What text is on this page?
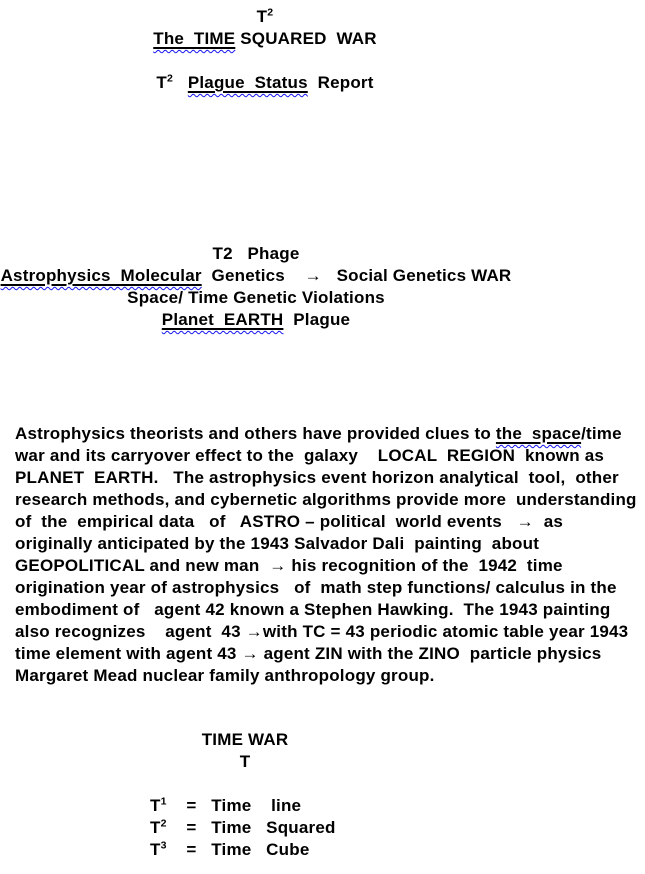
$T^2$
The  TIME SQUARED  WAR
$T^2$ Plague  Status  Report
T2   Phage
Astrophysics  Molecular  Genetics    →   Social Genetics WAR
Space/ Time Genetic Violations
Planet  EARTH  Plague
Astrophysics theorists and others have provided clues to the  space/time
war and its carryover effect to the  galaxy    LOCAL  REGION  known as
PLANET  EARTH.   The astrophysics event horizon analytical  tool,  other
research methods, and cybernetic algorithms provide more  understanding
of  the  empirical data   of   ASTRO – political  world events   →  as
originally anticipated by the 1943 Salvador Dali  painting  about
GEOPOLITICAL and new man  → his recognition of the  1942  time
origination year of astrophysics   of  math step functions/ calculus in the
embodiment of   agent 42 known a Stephen Hawking.  The 1943 painting
also recognizes    agent  43 →with TC = 43 periodic atomic table year 1943
time element with agent 43 → agent ZIN with the ZINO  particle physics
Margaret Mead nuclear family anthropology group.
TIME WAR
T
$T^1$    =   Time    line
$T^2$    =   Time   Squared
$T^3$    =   Time   Cube
